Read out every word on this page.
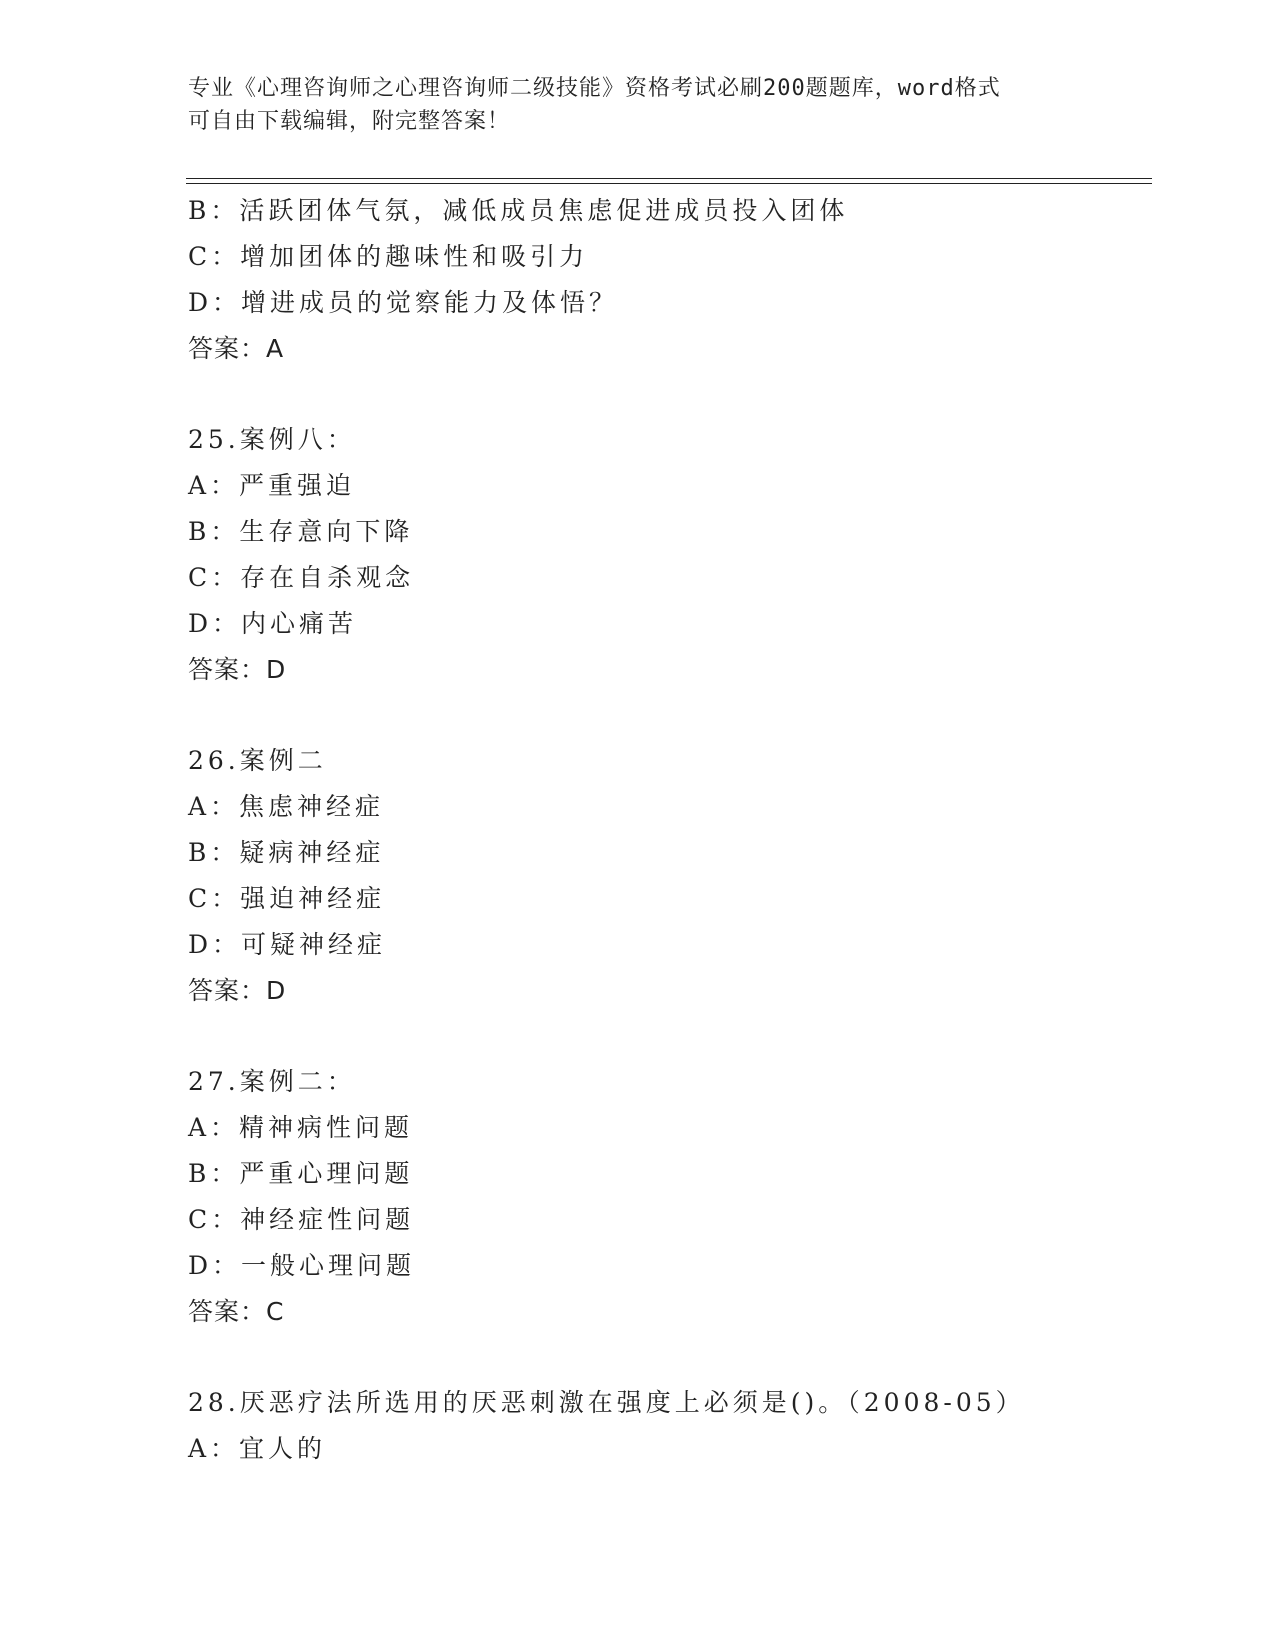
专业《心理咨询师之心理咨询师二级技能》资格考试必刷200题题库，word格式
可自由下载编辑，附完整答案！
B：活跃团体气氛，减低成员焦虑促进成员投入团体
C：增加团体的趣味性和吸引力
D：增进成员的觉察能力及体悟？
答案：A
25.案例八：
A：严重强迫
B：生存意向下降
C：存在自杀观念
D：内心痛苦
答案：D
26.案例二
A：焦虑神经症
B：疑病神经症
C：强迫神经症
D：可疑神经症
答案：D
27.案例二：
A：精神病性问题
B：严重心理问题
C：神经症性问题
D：一般心理问题
答案：C
28.厌恶疗法所选用的厌恶刺激在强度上必须是()。（2008-05）
A：宜人的
